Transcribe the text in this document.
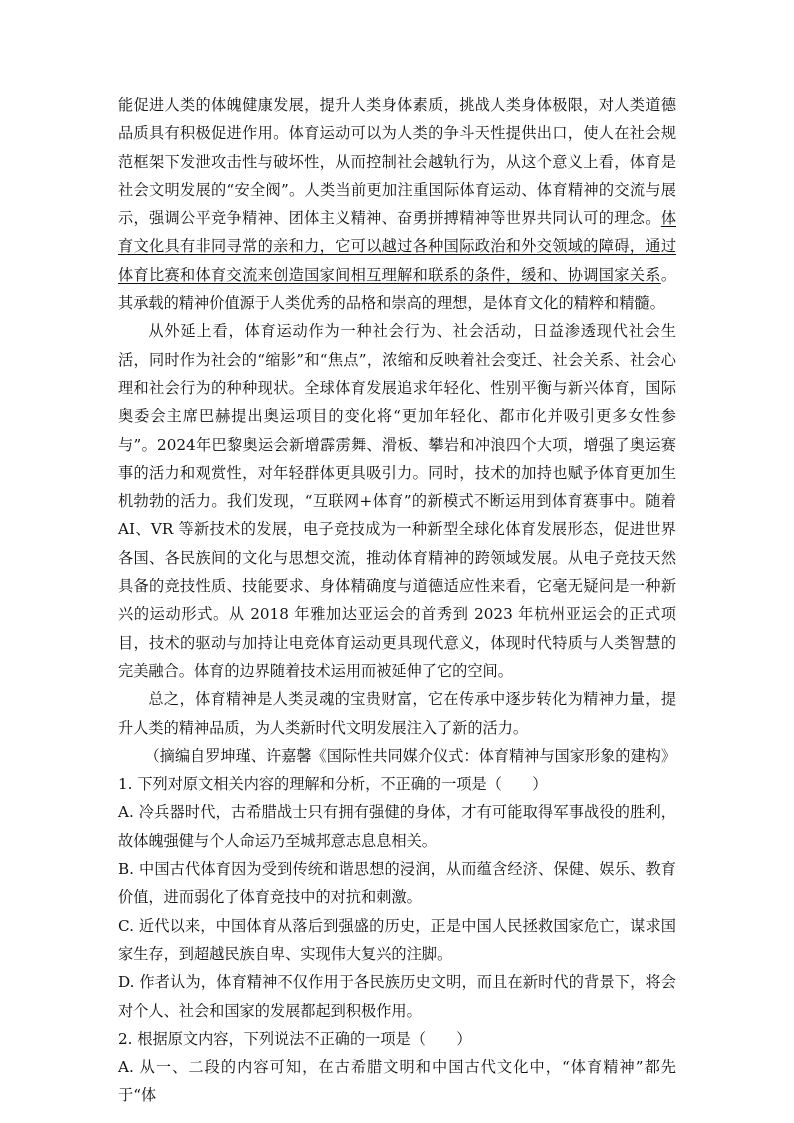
能促进人类的体魄健康发展，提升人类身体素质，挑战人类身体极限，对人类道德品质具有积极促进作用。体育运动可以为人类的争斗天性提供出口，使人在社会规范框架下发泄攻击性与破坏性，从而控制社会越轨行为，从这个意义上看，体育是社会文明发展的“安全阀”。人类当前更加注重国际体育运动、体育精神的交流与展示，强调公平竞争精神、团体主义精神、奋勇拼搏精神等世界共同认可的理念。体育文化具有非同寻常的亲和力，它可以越过各种国际政治和外交领域的障碍，通过体育比赛和体育交流来创造国家间相互理解和联系的条件，缓和、协调国家关系。其承载的精神价值源于人类优秀的品格和崇高的理想，是体育文化的精粹和精髓。

从外延上看，体育运动作为一种社会行为、社会活动，日益渗透现代社会生活，同时作为社会的“缩影”和“焦点”，浓缩和反映着社会变迁、社会关系、社会心理和社会行为的种种现状。全球体育发展追求年轻化、性别平衡与新兴体育，国际奥委会主席巴赫提出奥运项目的变化将“更加年轻化、都市化并吸引更多女性参与”。2024年巴黎奥运会新增霹雳舞、滑板、攀岩和冲浪四个大项，增强了奥运赛事的活力和观赏性，对年轻群体更具吸引力。同时，技术的加持也赋予体育更加生机勃勃的活力。我们发现，“互联网+体育”的新模式不断运用到体育赛事中。随着 AI、VR 等新技术的发展，电子竞技成为一种新型全球化体育发展形态，促进世界各国、各民族间的文化与思想交流，推动体育精神的跨领域发展。从电子竞技天然具备的竞技性质、技能要求、身体精确度与道德适应性来看，它毫无疑问是一种新兴的运动形式。从 2018 年雅加达亚运会的首秀到 2023 年杭州亚运会的正式项目，技术的驱动与加持让电竞体育运动更具现代意义，体现时代特质与人类智慧的完美融合。体育的边界随着技术运用而被延伸了它的空间。

总之，体育精神是人类灵魂的宝贵财富，它在传承中逐步转化为精神力量，提升人类的精神品质，为人类新时代文明发展注入了新的活力。

（摘编自罗坤瑾、许嘉馨《国际性共同媒介仪式：体育精神与国家形象的建构》

1. 下列对原文相关内容的理解和分析，不正确的一项是（　　）

A. 冷兵器时代，古希腊战士只有拥有强健的身体，才有可能取得军事战役的胜利，故体魄强健与个人命运乃至城邦意志息息相关。

B. 中国古代体育因为受到传统和谐思想的浸润，从而蕴含经济、保健、娱乐、教育价值，进而弱化了体育竞技中的对抗和刺激。

C. 近代以来，中国体育从落后到强盛的历史，正是中国人民拯救国家危亡，谋求国家生存，到超越民族自卑、实现伟大复兴的注脚。

D. 作者认为，体育精神不仅作用于各民族历史文明，而且在新时代的背景下，将会对个人、社会和国家的发展都起到积极作用。

2. 根据原文内容，下列说法不正确的一项是（　　）

A. 从一、二段的内容可知，在古希腊文明和中国古代文化中，“体育精神”都先于“体
